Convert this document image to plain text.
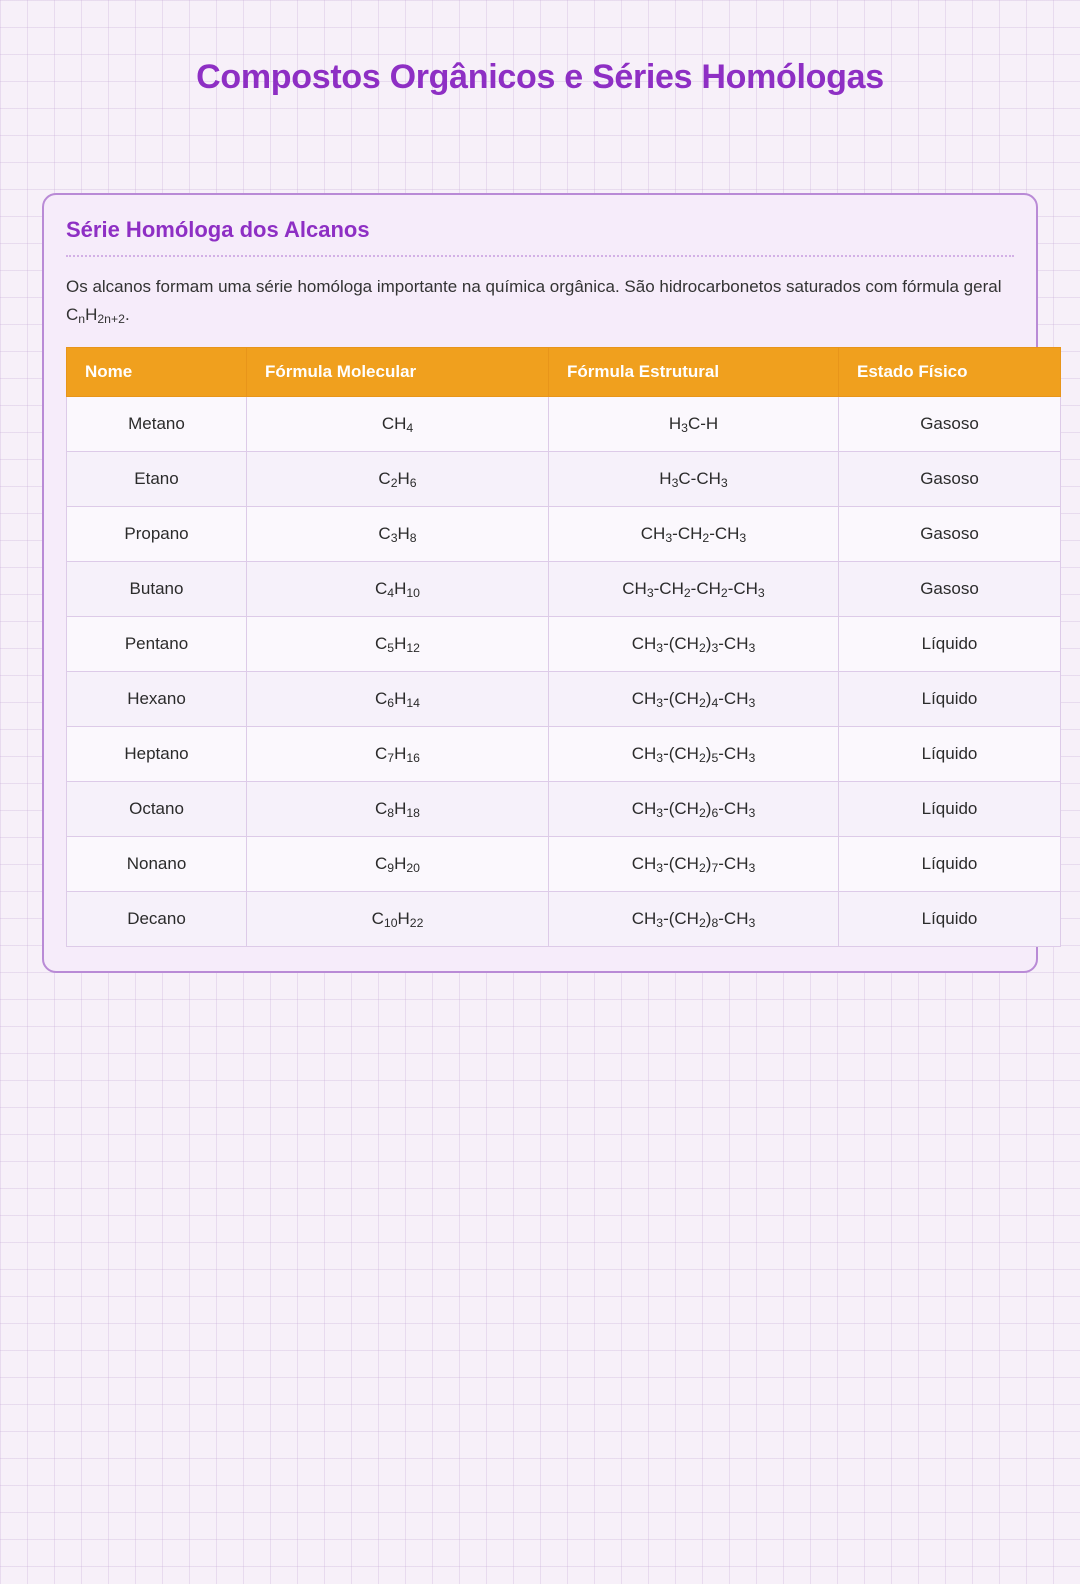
Compostos Orgânicos e Séries Homólogas
Série Homóloga dos Alcanos

Os alcanos formam uma série homóloga importante na química orgânica. São hidrocarbonetos saturados com fórmula geral $C_nH_{2n+2}$.

Nome	Fórmula Molecular	Fórmula Estrutural	Estado Físico
Metano	$CH_4$	$H_3C-H$	Gasoso
Etano	$C_2H_6$	$H_3C-CH_3$	Gasoso
Propano	$C_3H_8$	$CH_3-CH_2-CH_3$	Gasoso
Butano	$C_4H_{10}$	$CH_3-CH_2-CH_2-CH_3$	Gasoso
Pentano	$C_5H_{12}$	$CH_3-(CH_2)_3-CH_3$	Líquido
Hexano	$C_6H_{14}$	$CH_3-(CH_2)_4-CH_3$	Líquido
Heptano	$C_7H_{16}$	$CH_3-(CH_2)_5-CH_3$	Líquido
Octano	$C_8H_{18}$	$CH_3-(CH_2)_6-CH_3$	Líquido
Nonano	$C_9H_{20}$	$CH_3-(CH_2)_7-CH_3$	Líquido
Decano	$C_{10}H_{22}$	$CH_3-(CH_2)_8-CH_3$	Líquido
